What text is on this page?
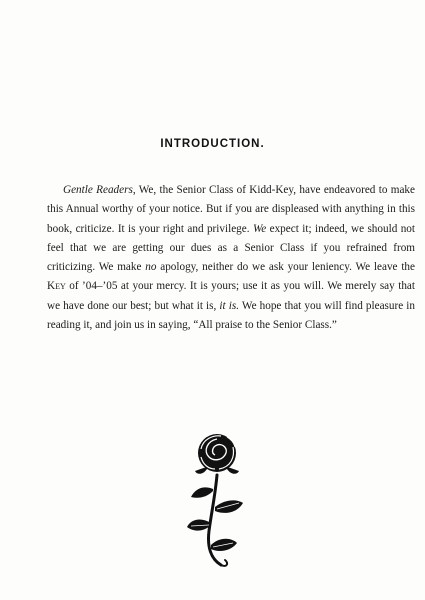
INTRODUCTION.

Gentle Readers, We, the Senior Class of Kidd-Key, have endeavored to make this Annual worthy of your notice. But if you are displeased with anything in this book, criticize. It is your right and privilege. We expect it; indeed, we should not feel that we are getting our dues as a Senior Class if you refrained from criticizing. We make no apology, neither do we ask your leniency. We leave the Key of ’04–’05 at your mercy. It is yours; use it as you will. We merely say that we have done our best; but what it is, it is. We hope that you will find pleasure in reading it, and join us in saying, “All praise to the Senior Class.”
